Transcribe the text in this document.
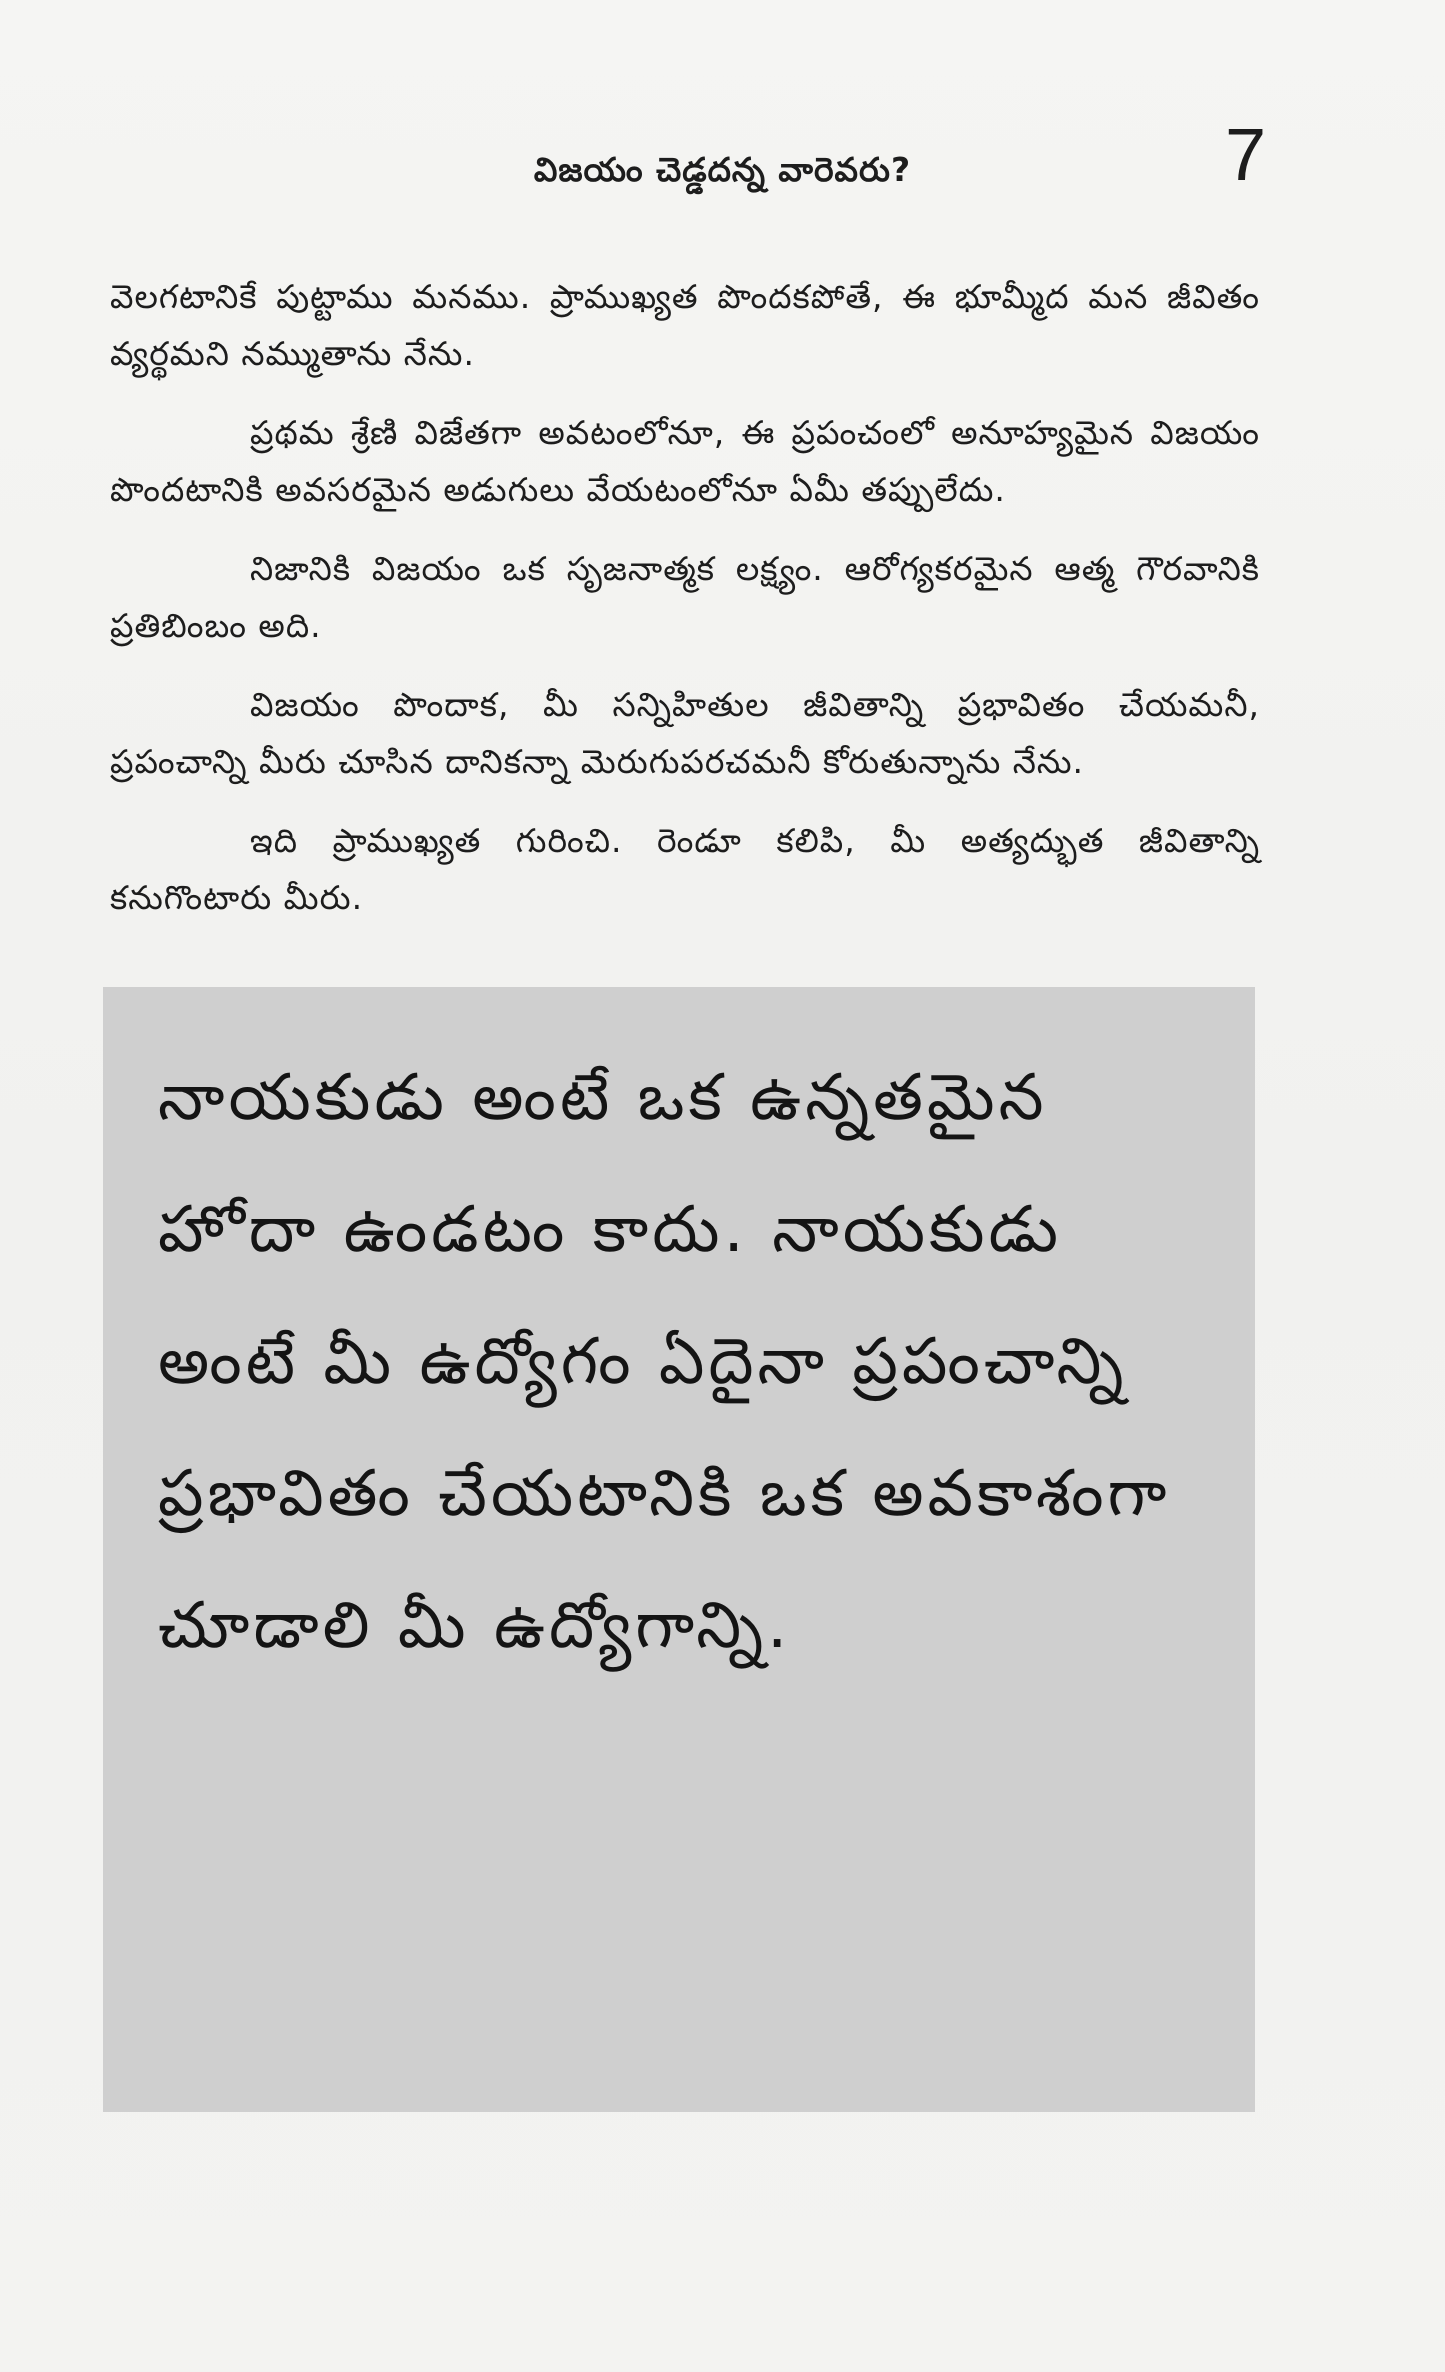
విజయం చెడ్డదన్న వారెవరు?	7

వెలగటానికే పుట్టాము మనము. ప్రాముఖ్యత పొందకపోతే, ఈ భూమ్మీద మన జీవితం వ్యర్థమని నమ్ముతాను నేను.

ప్రథమ శ్రేణి విజేతగా అవటంలోనూ, ఈ ప్రపంచంలో అనూహ్యమైన విజయం పొందటానికి అవసరమైన అడుగులు వేయటంలోనూ ఏమీ తప్పులేదు.

నిజానికి విజయం ఒక సృజనాత్మక లక్ష్యం. ఆరోగ్యకరమైన ఆత్మ గౌరవానికి ప్రతిబింబం అది.

విజయం పొందాక, మీ సన్నిహితుల జీవితాన్ని ప్రభావితం చేయమనీ, ప్రపంచాన్ని మీరు చూసిన దానికన్నా మెరుగుపరచమనీ కోరుతున్నాను నేను.

ఇది ప్రాముఖ్యత గురించి. రెండూ కలిపి, మీ అత్యద్భుత జీవితాన్ని కనుగొంటారు మీరు.

నాయకుడు అంటే ఒక ఉన్నతమైన హోదా ఉండటం కాదు. నాయకుడు అంటే మీ ఉద్యోగం ఏదైనా ప్రపంచాన్ని ప్రభావితం చేయటానికి ఒక అవకాశంగా చూడాలి మీ ఉద్యోగాన్ని.
